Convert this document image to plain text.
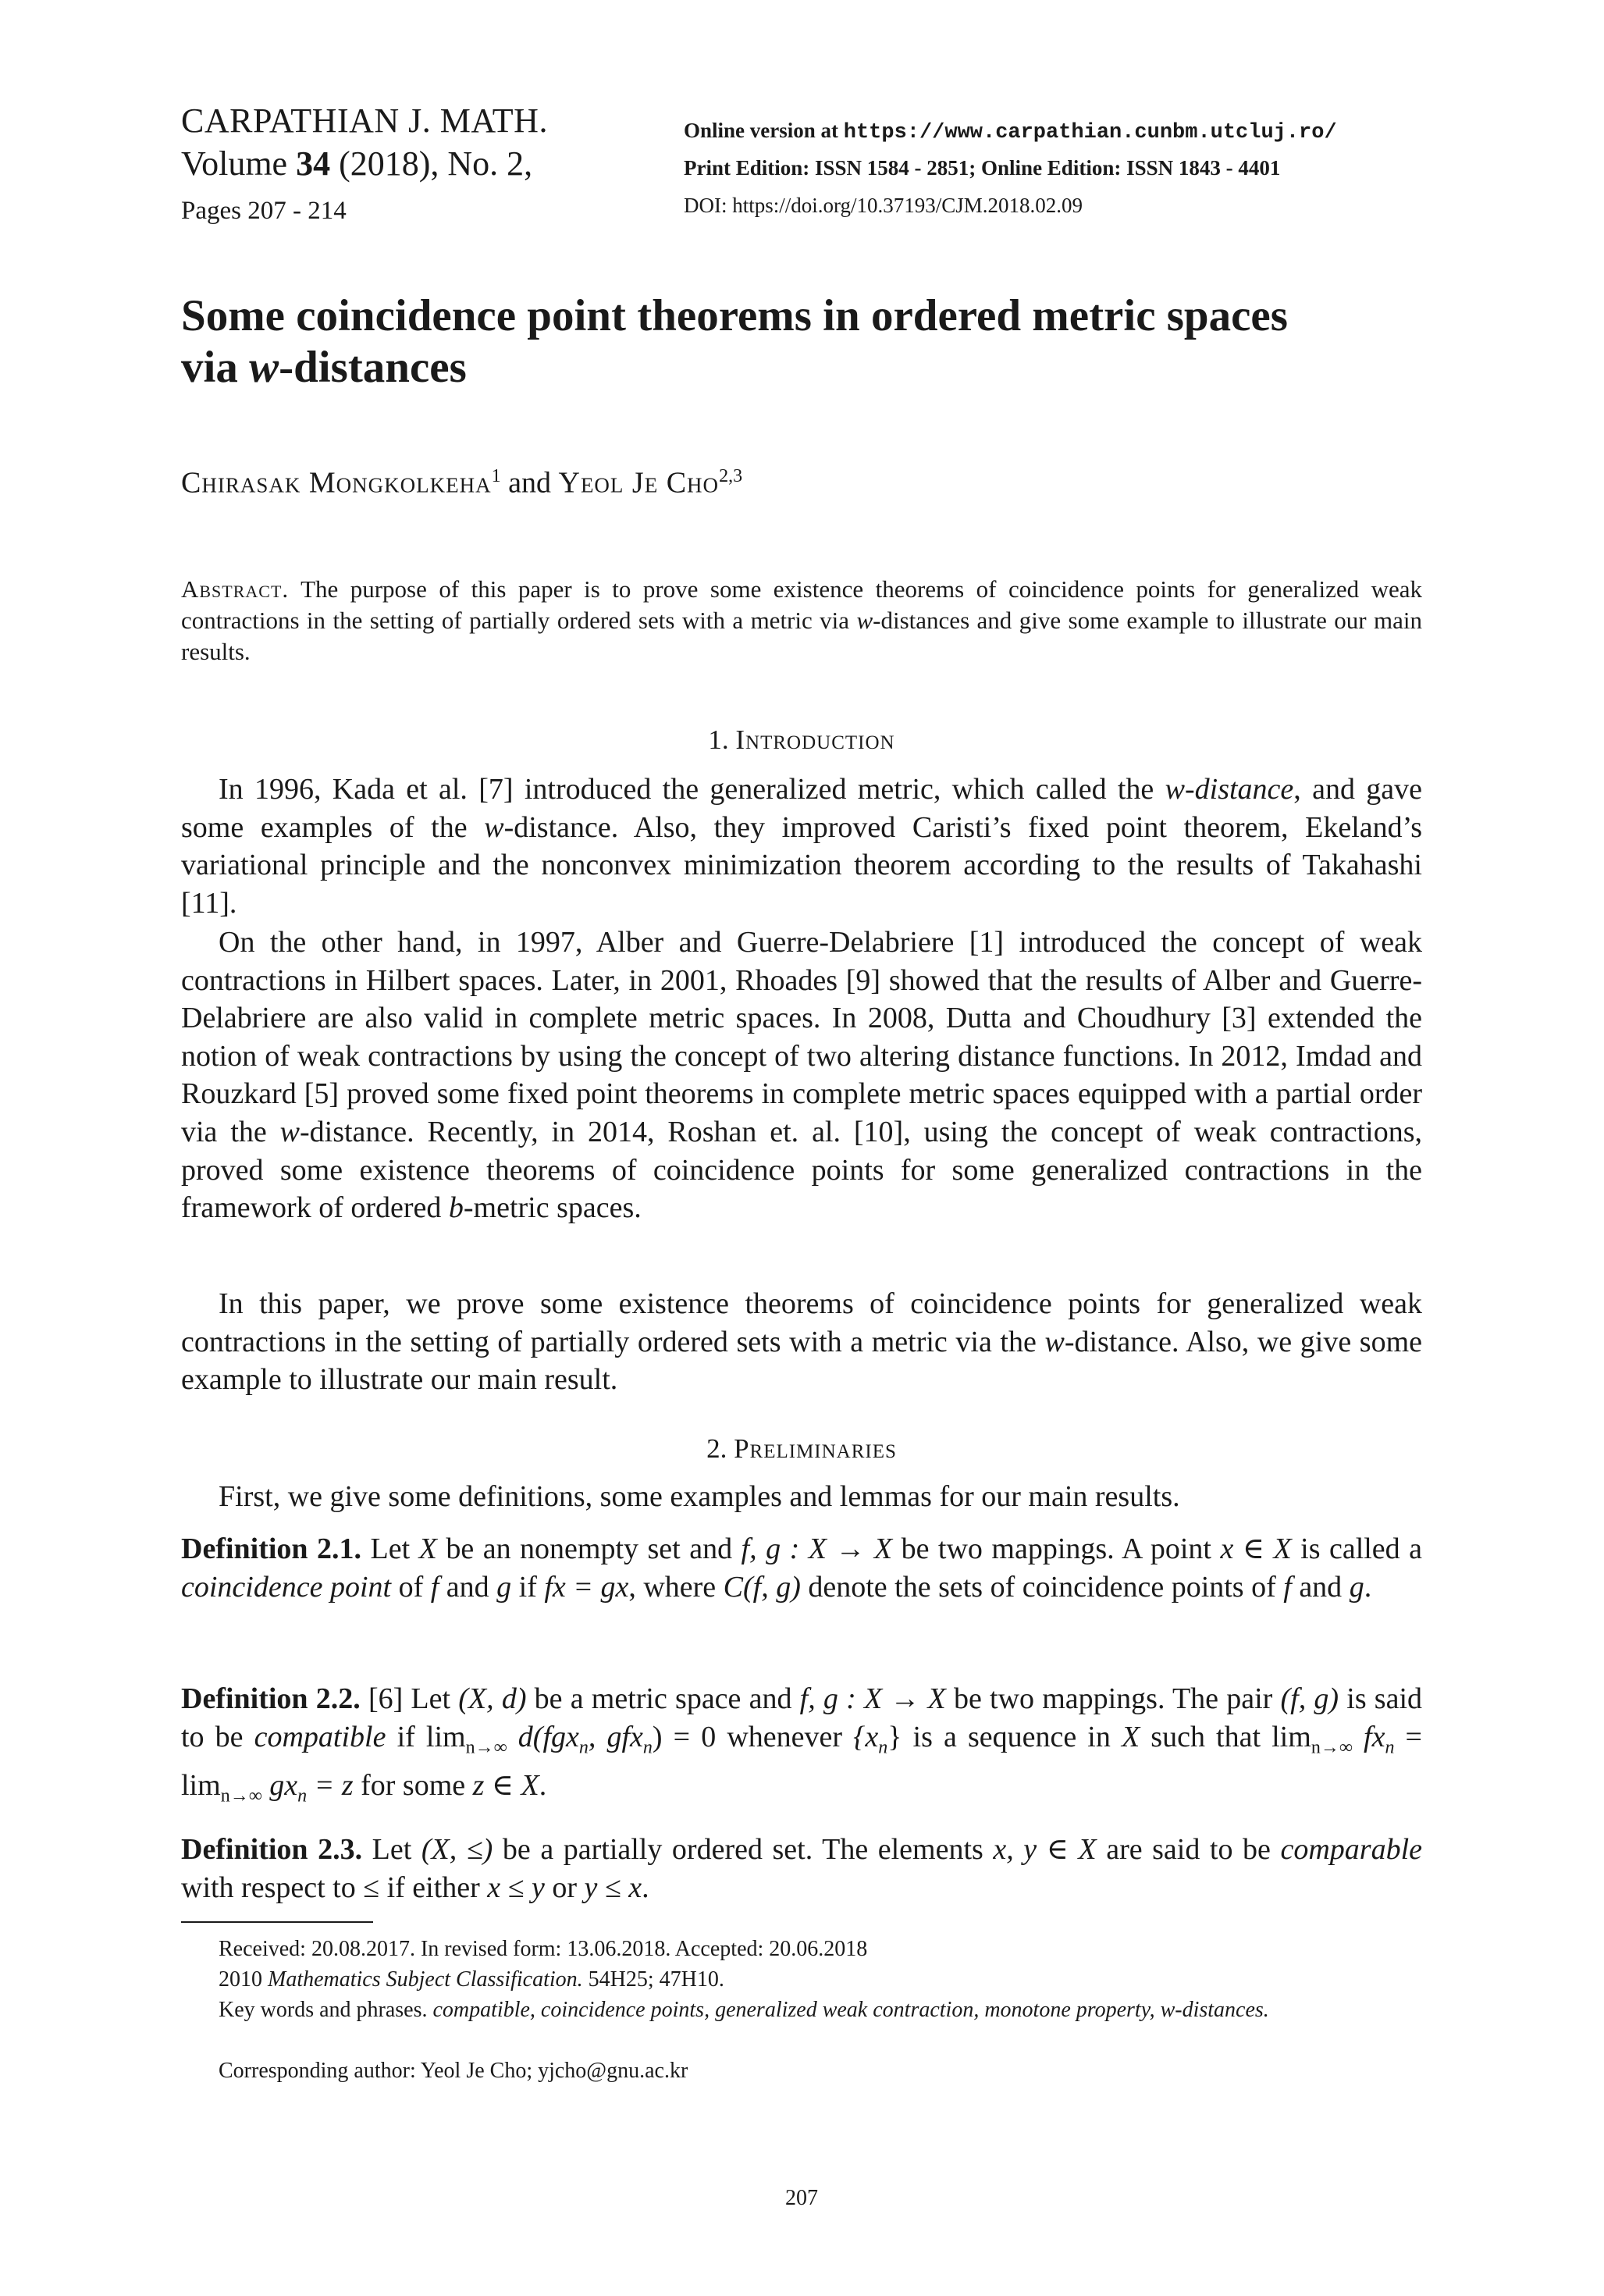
CARPATHIAN J. MATH.
Volume 34 (2018), No. 2,
Pages 207 - 214
Online version at https://www.carpathian.cunbm.utcluj.ro/
Print Edition: ISSN 1584 - 2851; Online Edition: ISSN 1843 - 4401
DOI: https://doi.org/10.37193/CJM.2018.02.09
Some coincidence point theorems in ordered metric spaces
via w-distances
Chirasak Mongkolkeha$^1$ and Yeol Je Cho$^{2,3}$

Abstract. The purpose of this paper is to prove some existence theorems of coincidence points for generalized weak contractions in the setting of partially ordered sets with a metric via w-distances and give some example to illustrate our main results.

1. Introduction

In 1996, Kada et al. [7] introduced the generalized metric, which called the w-distance, and gave some examples of the w-distance. Also, they improved Caristi’s fixed point theorem, Ekeland’s variational principle and the nonconvex minimization theorem according to the results of Takahashi [11].

On the other hand, in 1997, Alber and Guerre-Delabriere [1] introduced the concept of weak contractions in Hilbert spaces. Later, in 2001, Rhoades [9] showed that the results of Alber and Guerre-Delabriere are also valid in complete metric spaces. In 2008, Dutta and Choudhury [3] extended the notion of weak contractions by using the concept of two altering distance functions. In 2012, Imdad and Rouzkard [5] proved some fixed point theorems in complete metric spaces equipped with a partial order via the w-distance. Recently, in 2014, Roshan et. al. [10], using the concept of weak contractions, proved some existence theorems of coincidence points for some generalized contractions in the framework of ordered b-metric spaces.

In this paper, we prove some existence theorems of coincidence points for generalized weak contractions in the setting of partially ordered sets with a metric via the w-distance. Also, we give some example to illustrate our main result.

2. Preliminaries

First, we give some definitions, some examples and lemmas for our main results.

Definition 2.1. Let X be an nonempty set and f, g : X → X be two mappings. A point x ∈ X is called a coincidence point of f and g if fx = gx, where C(f, g) denote the sets of coincidence points of f and g.

Definition 2.2. [6] Let (X, d) be a metric space and f, g : X → X be two mappings. The pair (f, g) is said to be compatible if $\lim_{n\to\infty} d(fgx_n$, gfx$_n$) = 0 whenever $\{x_n\}$ is a sequence in X such that $\lim_{n\to\infty} fx_n = \lim_{n\to\infty} gx_n = z$ for some z ∈ X.

Definition 2.3. Let (X, ≤) be a partially ordered set. The elements x, y ∈ X are said to be comparable with respect to ≤ if either x ≤ y or y ≤ x.

Received: 20.08.2017. In revised form: 13.06.2018. Accepted: 20.06.2018

2010 Mathematics Subject Classification. 54H25; 47H10.

Key words and phrases. compatible, coincidence points, generalized weak contraction, monotone property, w-distances.

Corresponding author: Yeol Je Cho; yjcho@gnu.ac.kr

207
